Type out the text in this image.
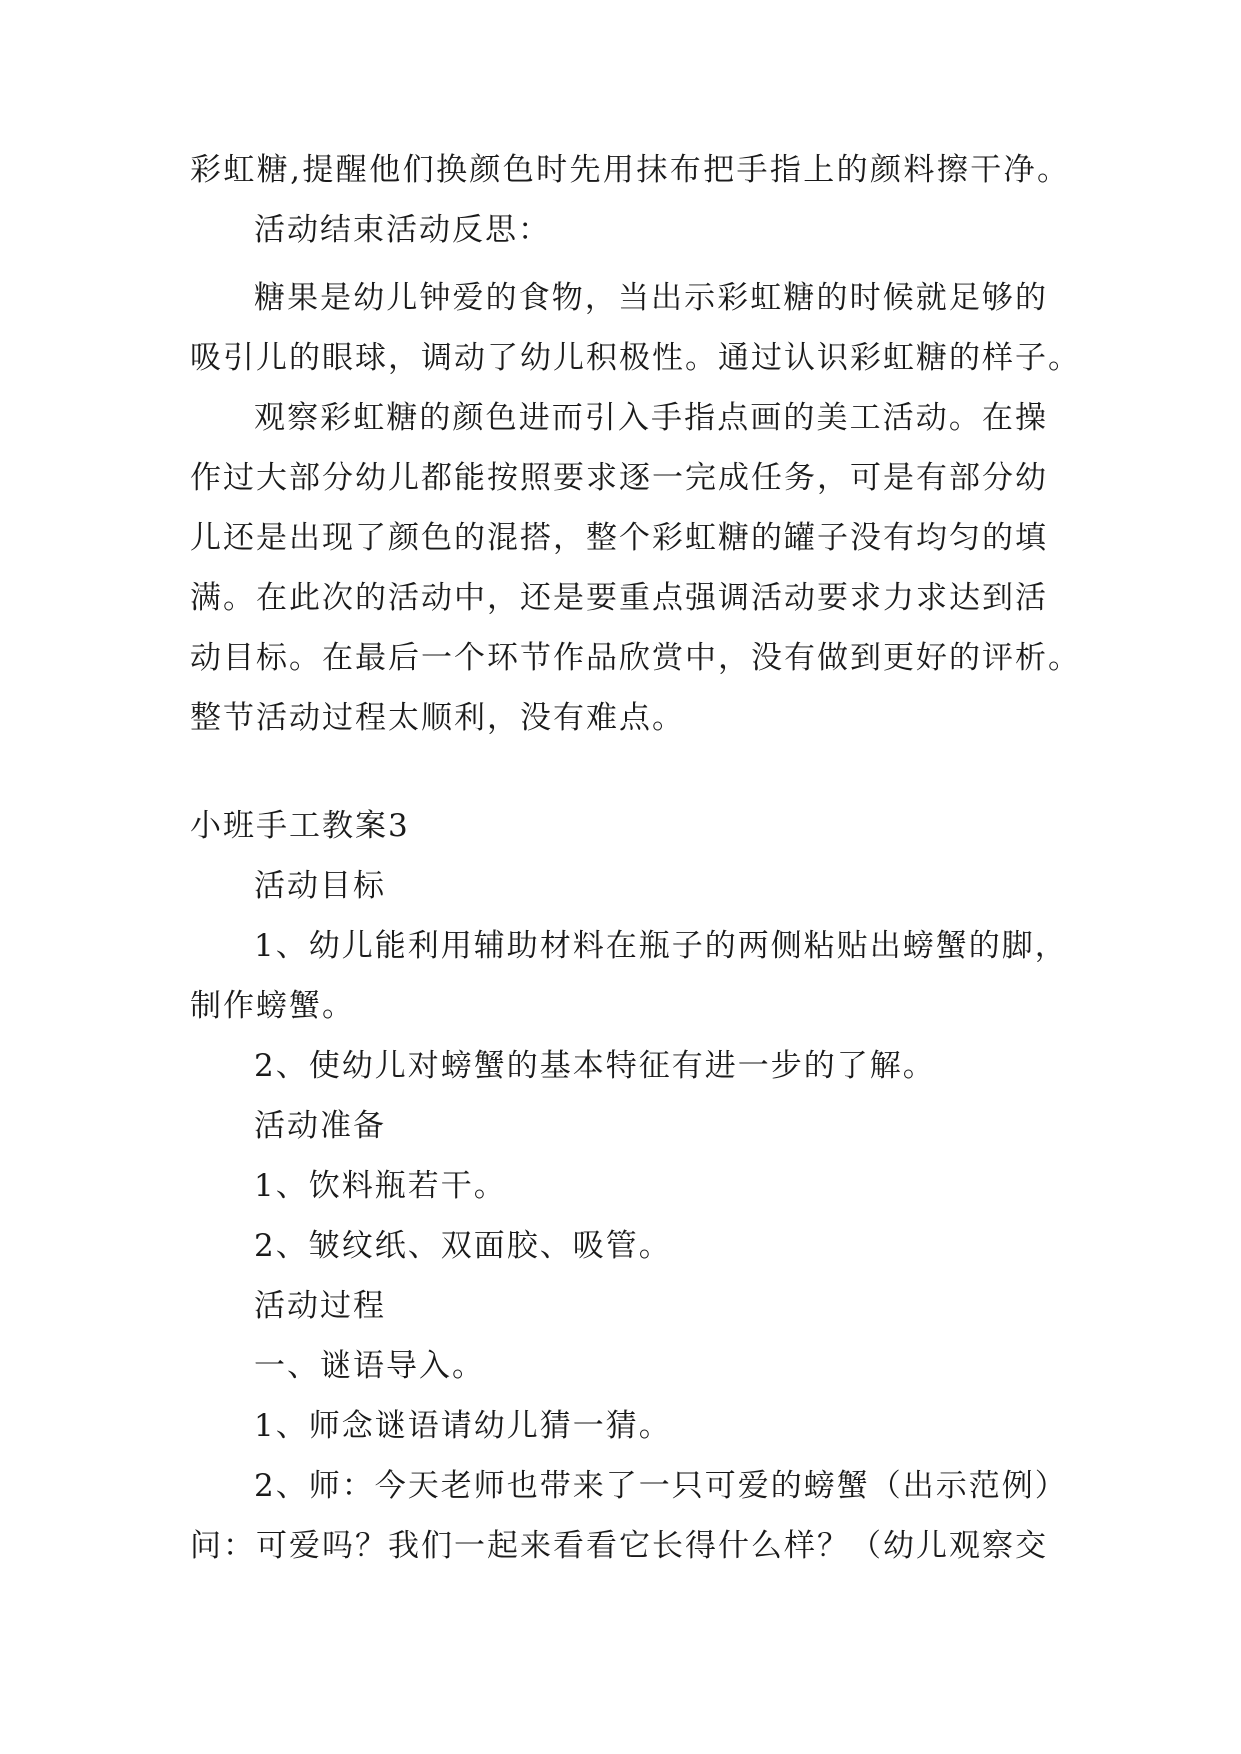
彩虹糖,提醒他们换颜色时先用抹布把手指上的颜料擦干净。
活动结束活动反思：
糖果是幼儿钟爱的食物，当出示彩虹糖的时候就足够的
吸引儿的眼球，调动了幼儿积极性。通过认识彩虹糖的样子。
观察彩虹糖的颜色进而引入手指点画的美工活动。在操
作过大部分幼儿都能按照要求逐一完成任务，可是有部分幼
儿还是出现了颜色的混搭，整个彩虹糖的罐子没有均匀的填
满。在此次的活动中，还是要重点强调活动要求力求达到活
动目标。在最后一个环节作品欣赏中，没有做到更好的评析。
整节活动过程太顺利，没有难点。
小班手工教案3
活动目标
1、幼儿能利用辅助材料在瓶子的两侧粘贴出螃蟹的脚，
制作螃蟹。
2、使幼儿对螃蟹的基本特征有进一步的了解。
活动准备
1、饮料瓶若干。
2、皱纹纸、双面胶、吸管。
活动过程
一、谜语导入。
1、师念谜语请幼儿猜一猜。
2、师：今天老师也带来了一只可爱的螃蟹（出示范例）
问：可爱吗？我们一起来看看它长得什么样？（幼儿观察交
